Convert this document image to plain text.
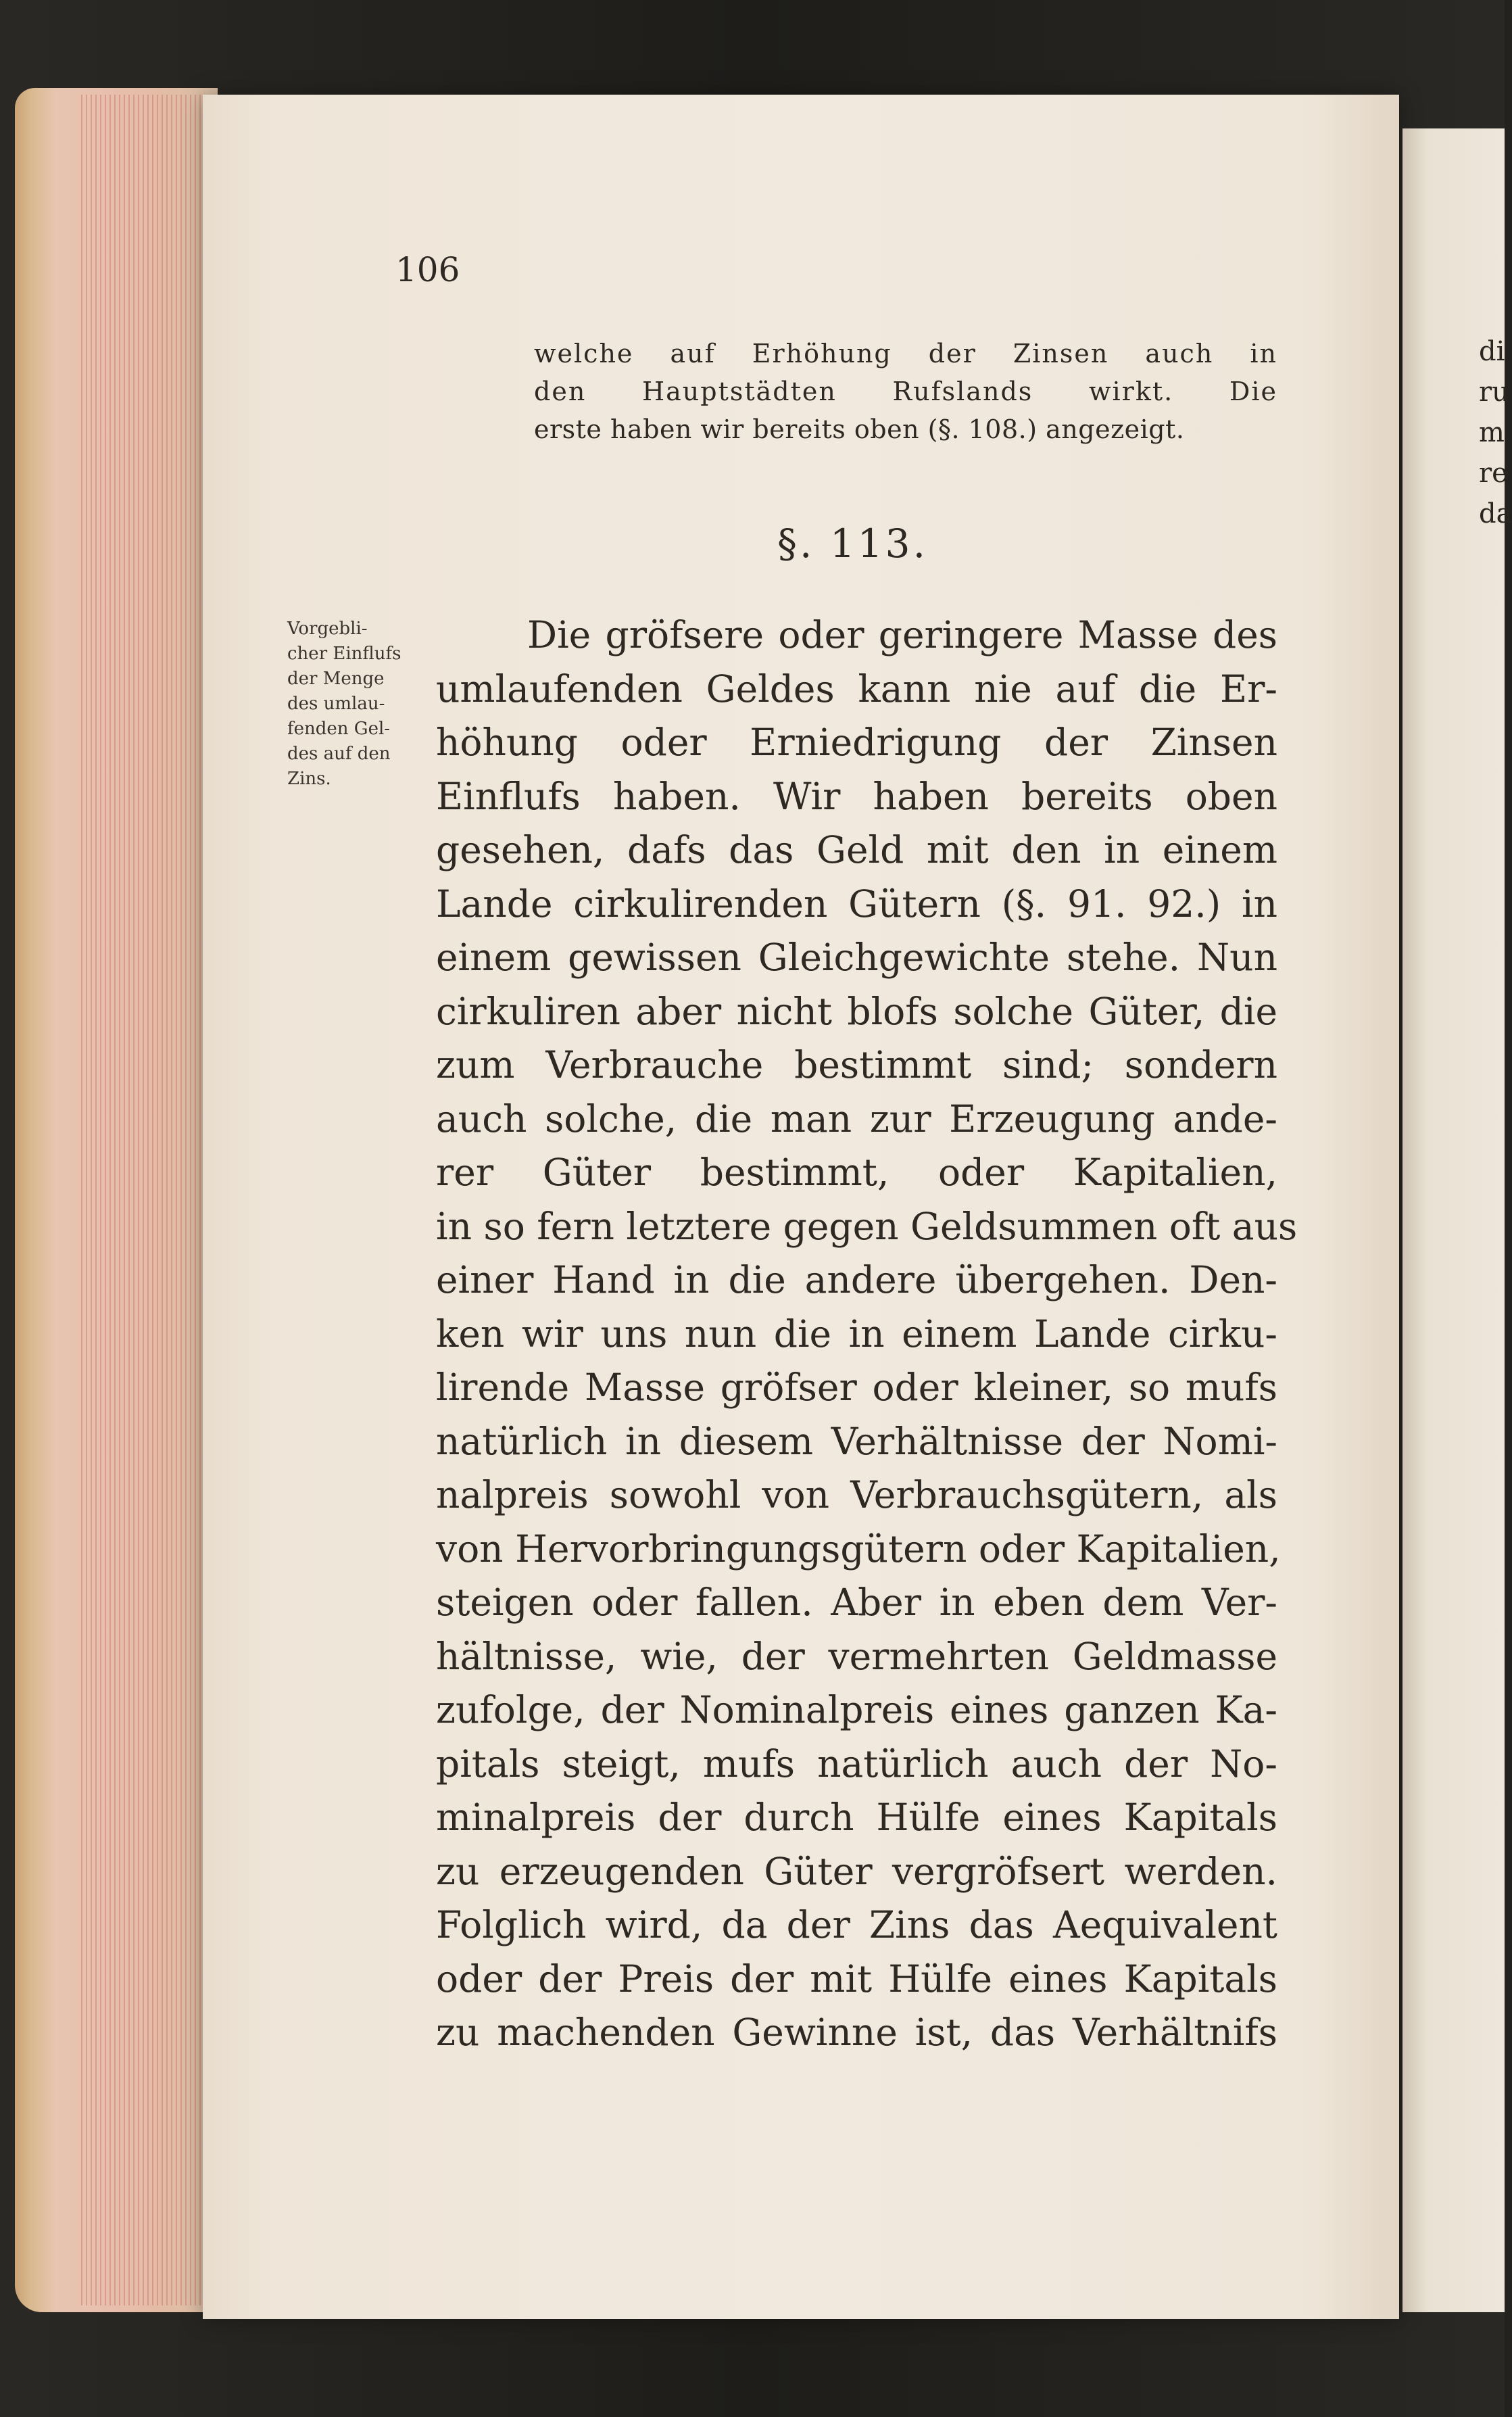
di
ru
m
re
da
106
welche auf Erhöhung der Zinsen auch in
den Hauptstädten Rufslands wirkt. Die
erste haben wir bereits oben (§. 108.) angezeigt.
§. 113.
Vorgebli-
cher Einflufs
der Menge
des umlau-
fenden Gel-
des auf den
Zins.
Die gröfsere oder geringere Masse des
umlaufenden Geldes kann nie auf die Er-
höhung oder Erniedrigung der Zinsen
Einflufs haben. Wir haben bereits oben
gesehen, dafs das Geld mit den in einem
Lande cirkulirenden Gütern (§. 91. 92.) in
einem gewissen Gleichgewichte stehe. Nun
cirkuliren aber nicht blofs solche Güter, die
zum Verbrauche bestimmt sind; sondern
auch solche, die man zur Erzeugung ande-
rer Güter bestimmt, oder Kapitalien,
in so fern letztere gegen Geldsummen oft aus
einer Hand in die andere übergehen. Den-
ken wir uns nun die in einem Lande cirku-
lirende Masse gröfser oder kleiner, so mufs
natürlich in diesem Verhältnisse der Nomi-
nalpreis sowohl von Verbrauchsgütern, als
von Hervorbringungsgütern oder Kapitalien,
steigen oder fallen. Aber in eben dem Ver-
hältnisse, wie, der vermehrten Geldmasse
zufolge, der Nominalpreis eines ganzen Ka-
pitals steigt, mufs natürlich auch der No-
minalpreis der durch Hülfe eines Kapitals
zu erzeugenden Güter vergröfsert werden.
Folglich wird, da der Zins das Aequivalent
oder der Preis der mit Hülfe eines Kapitals
zu machenden Gewinne ist, das Verhältnifs
